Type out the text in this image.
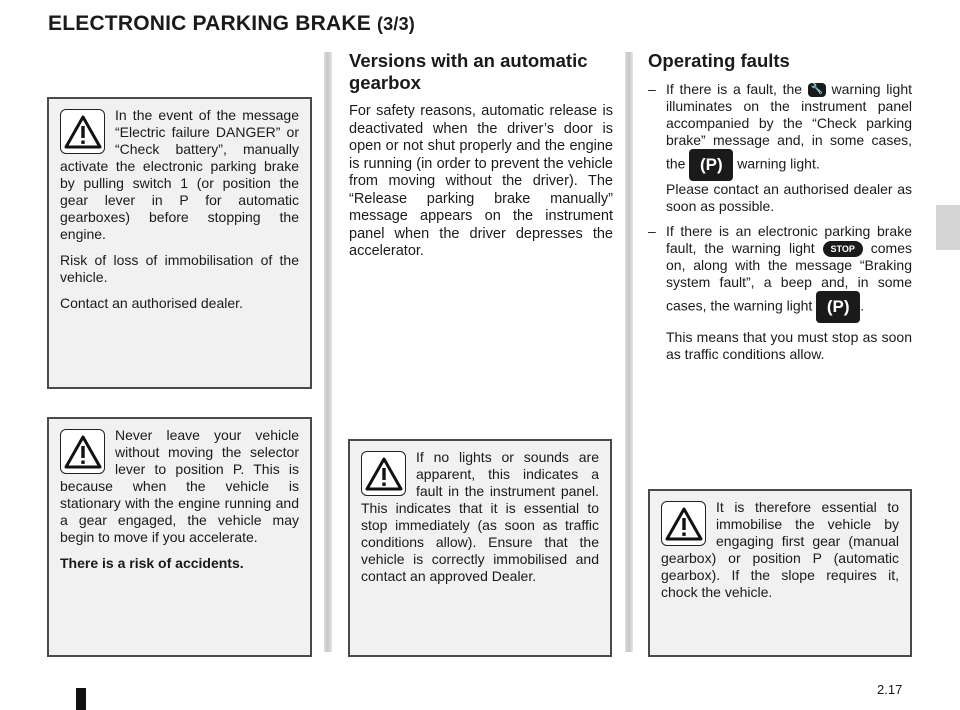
ELECTRONIC PARKING BRAKE (3/3)

In the event of the message “Electric failure DANGER” or “Check battery”, manually activate the electronic parking brake by pulling switch 1 (or position the gear lever in P for automatic gearboxes) before stopping the engine.

Risk of loss of immobilisation of the vehicle.

Contact an authorised dealer.

Never leave your vehicle without moving the selector lever to position P. This is because when the vehicle is stationary with the engine running and a gear engaged, the vehicle may begin to move if you accelerate.

There is a risk of accidents.

Versions with an automatic gearbox
For safety reasons, automatic release is deactivated when the driver’s door is open or not shut properly and the engine is running (in order to prevent the vehicle from moving without the driver). The “Release parking brake manually” message appears on the instrument panel when the driver depresses the accelerator.

If no lights or sounds are apparent, this indicates a fault in the instrument panel. This indicates that it is essential to stop immediately (as soon as traffic conditions allow). Ensure that the vehicle is correctly immobilised and contact an approved Dealer.

Operating faults
– If there is a fault, the 🔧 warning light illuminates on the instrument panel accompanied by the “Check parking brake” message and, in some cases, the (P) warning light.
Please contact an authorised dealer as soon as possible.

– If there is an electronic parking brake fault, the warning light STOP comes on, along with the message “Braking system fault”, a beep and, in some cases, the warning light (P) .

This means that you must stop as soon as traffic conditions allow.

It is therefore essential to immobilise the vehicle by engaging first gear (manual gearbox) or position P (automatic gearbox). If the slope requires it, chock the vehicle.

2.17
